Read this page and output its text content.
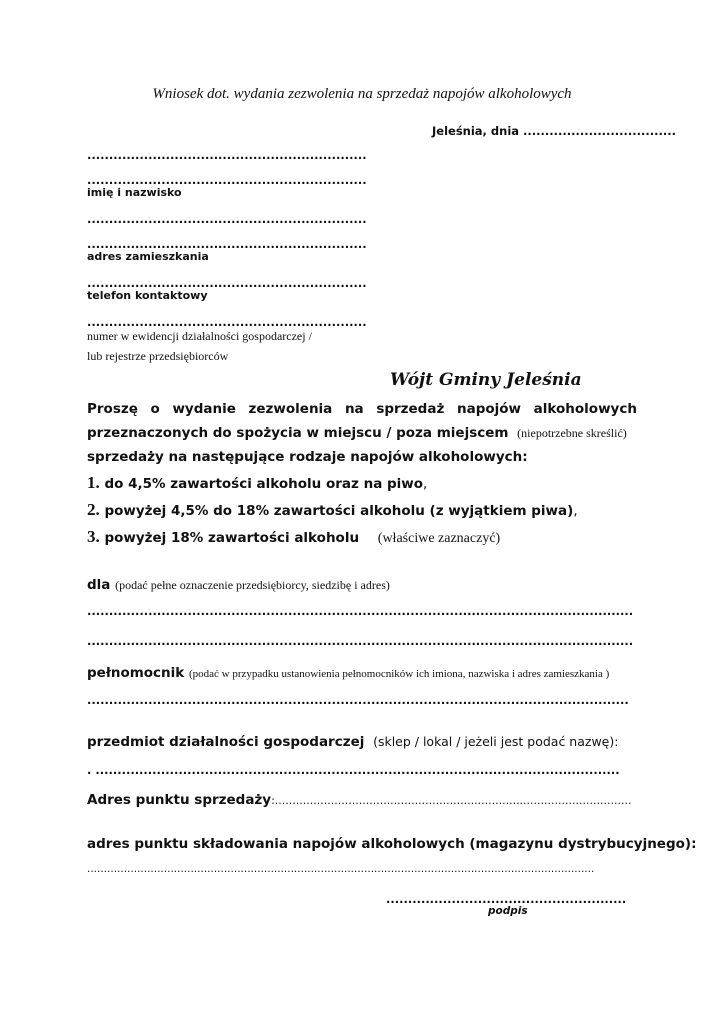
Wniosek dot. wydania zezwolenia na sprzedaż napojów alkoholowych
Jeleśnia, dnia ...................................
................................................................
................................................................
imię i nazwisko
................................................................
................................................................
adres zamieszkania
................................................................
telefon kontaktowy
................................................................
numer w ewidencji działalności gospodarczej /
lub rejestrze przedsiębiorców
Wójt Gminy Jeleśnia
Proszę o wydanie zezwolenia na sprzedaż napojów alkoholowych
przeznaczonych do spożycia w miejscu / poza miejscem (niepotrzebne skreślić)
sprzedaży na następujące rodzaje napojów alkoholowych:
1. do 4,5% zawartości alkoholu oraz na piwo,
2. powyżej 4,5% do 18% zawartości alkoholu (z wyjątkiem piwa),
3. powyżej 18% zawartości alkoholu (właściwe zaznaczyć)
dla (podać pełne oznaczenie przedsiębiorcy, siedzibę i adres)
.............................................................................................................................
.............................................................................................................................
pełnomocnik (podać w przypadku ustanowienia pełnomocników ich imiona, nazwiska i adres zamieszkania )
............................................................................................................................
przedmiot działalności gospodarczej (sklep / lokal / jeżeli jest podać nazwę):
. ........................................................................................................................
Adres punktu sprzedaży:......................................................................................................
adres punktu składowania napojów alkoholowych (magazynu dystrybucyjnego):
........................................................................................................................................................
.......................................................
podpis
